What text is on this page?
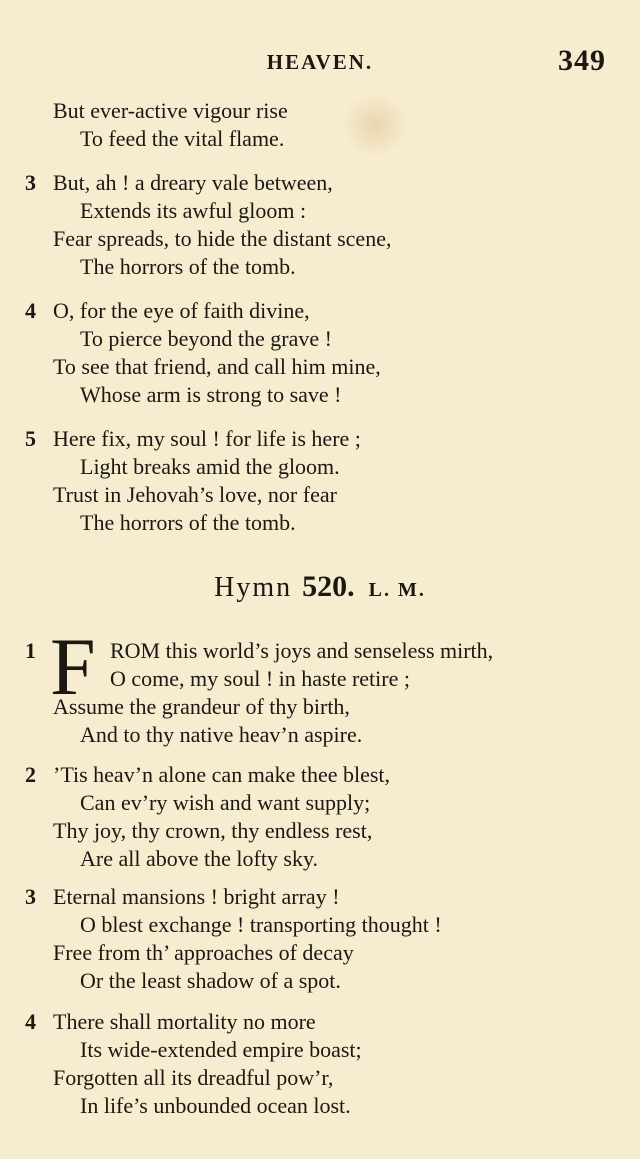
HEAVEN.	349
But ever-active vigour rise
To feed the vital flame.
3 But, ah ! a dreary vale between,
Extends its awful gloom :
Fear spreads, to hide the distant scene,
The horrors of the tomb.
4 O, for the eye of faith divine,
To pierce beyond the grave !
To see that friend, and call him mine,
Whose arm is strong to save !
5 Here fix, my soul ! for life is here ;
Light breaks amid the gloom.
Trust in Jehovah’s love, nor fear
The horrors of the tomb.
Hymn 520. L. M.
1 F ROM this world’s joys and senseless mirth,
O come, my soul ! in haste retire ;
Assume the grandeur of thy birth,
And to thy native heav’n aspire.
2 ’Tis heav’n alone can make thee blest,
Can ev’ry wish and want supply;
Thy joy, thy crown, thy endless rest,
Are all above the lofty sky.
3 Eternal mansions ! bright array !
O blest exchange ! transporting thought !
Free from th’ approaches of decay
Or the least shadow of a spot.
4 There shall mortality no more
Its wide-extended empire boast;
Forgotten all its dreadful pow’r,
In life’s unbounded ocean lost.
